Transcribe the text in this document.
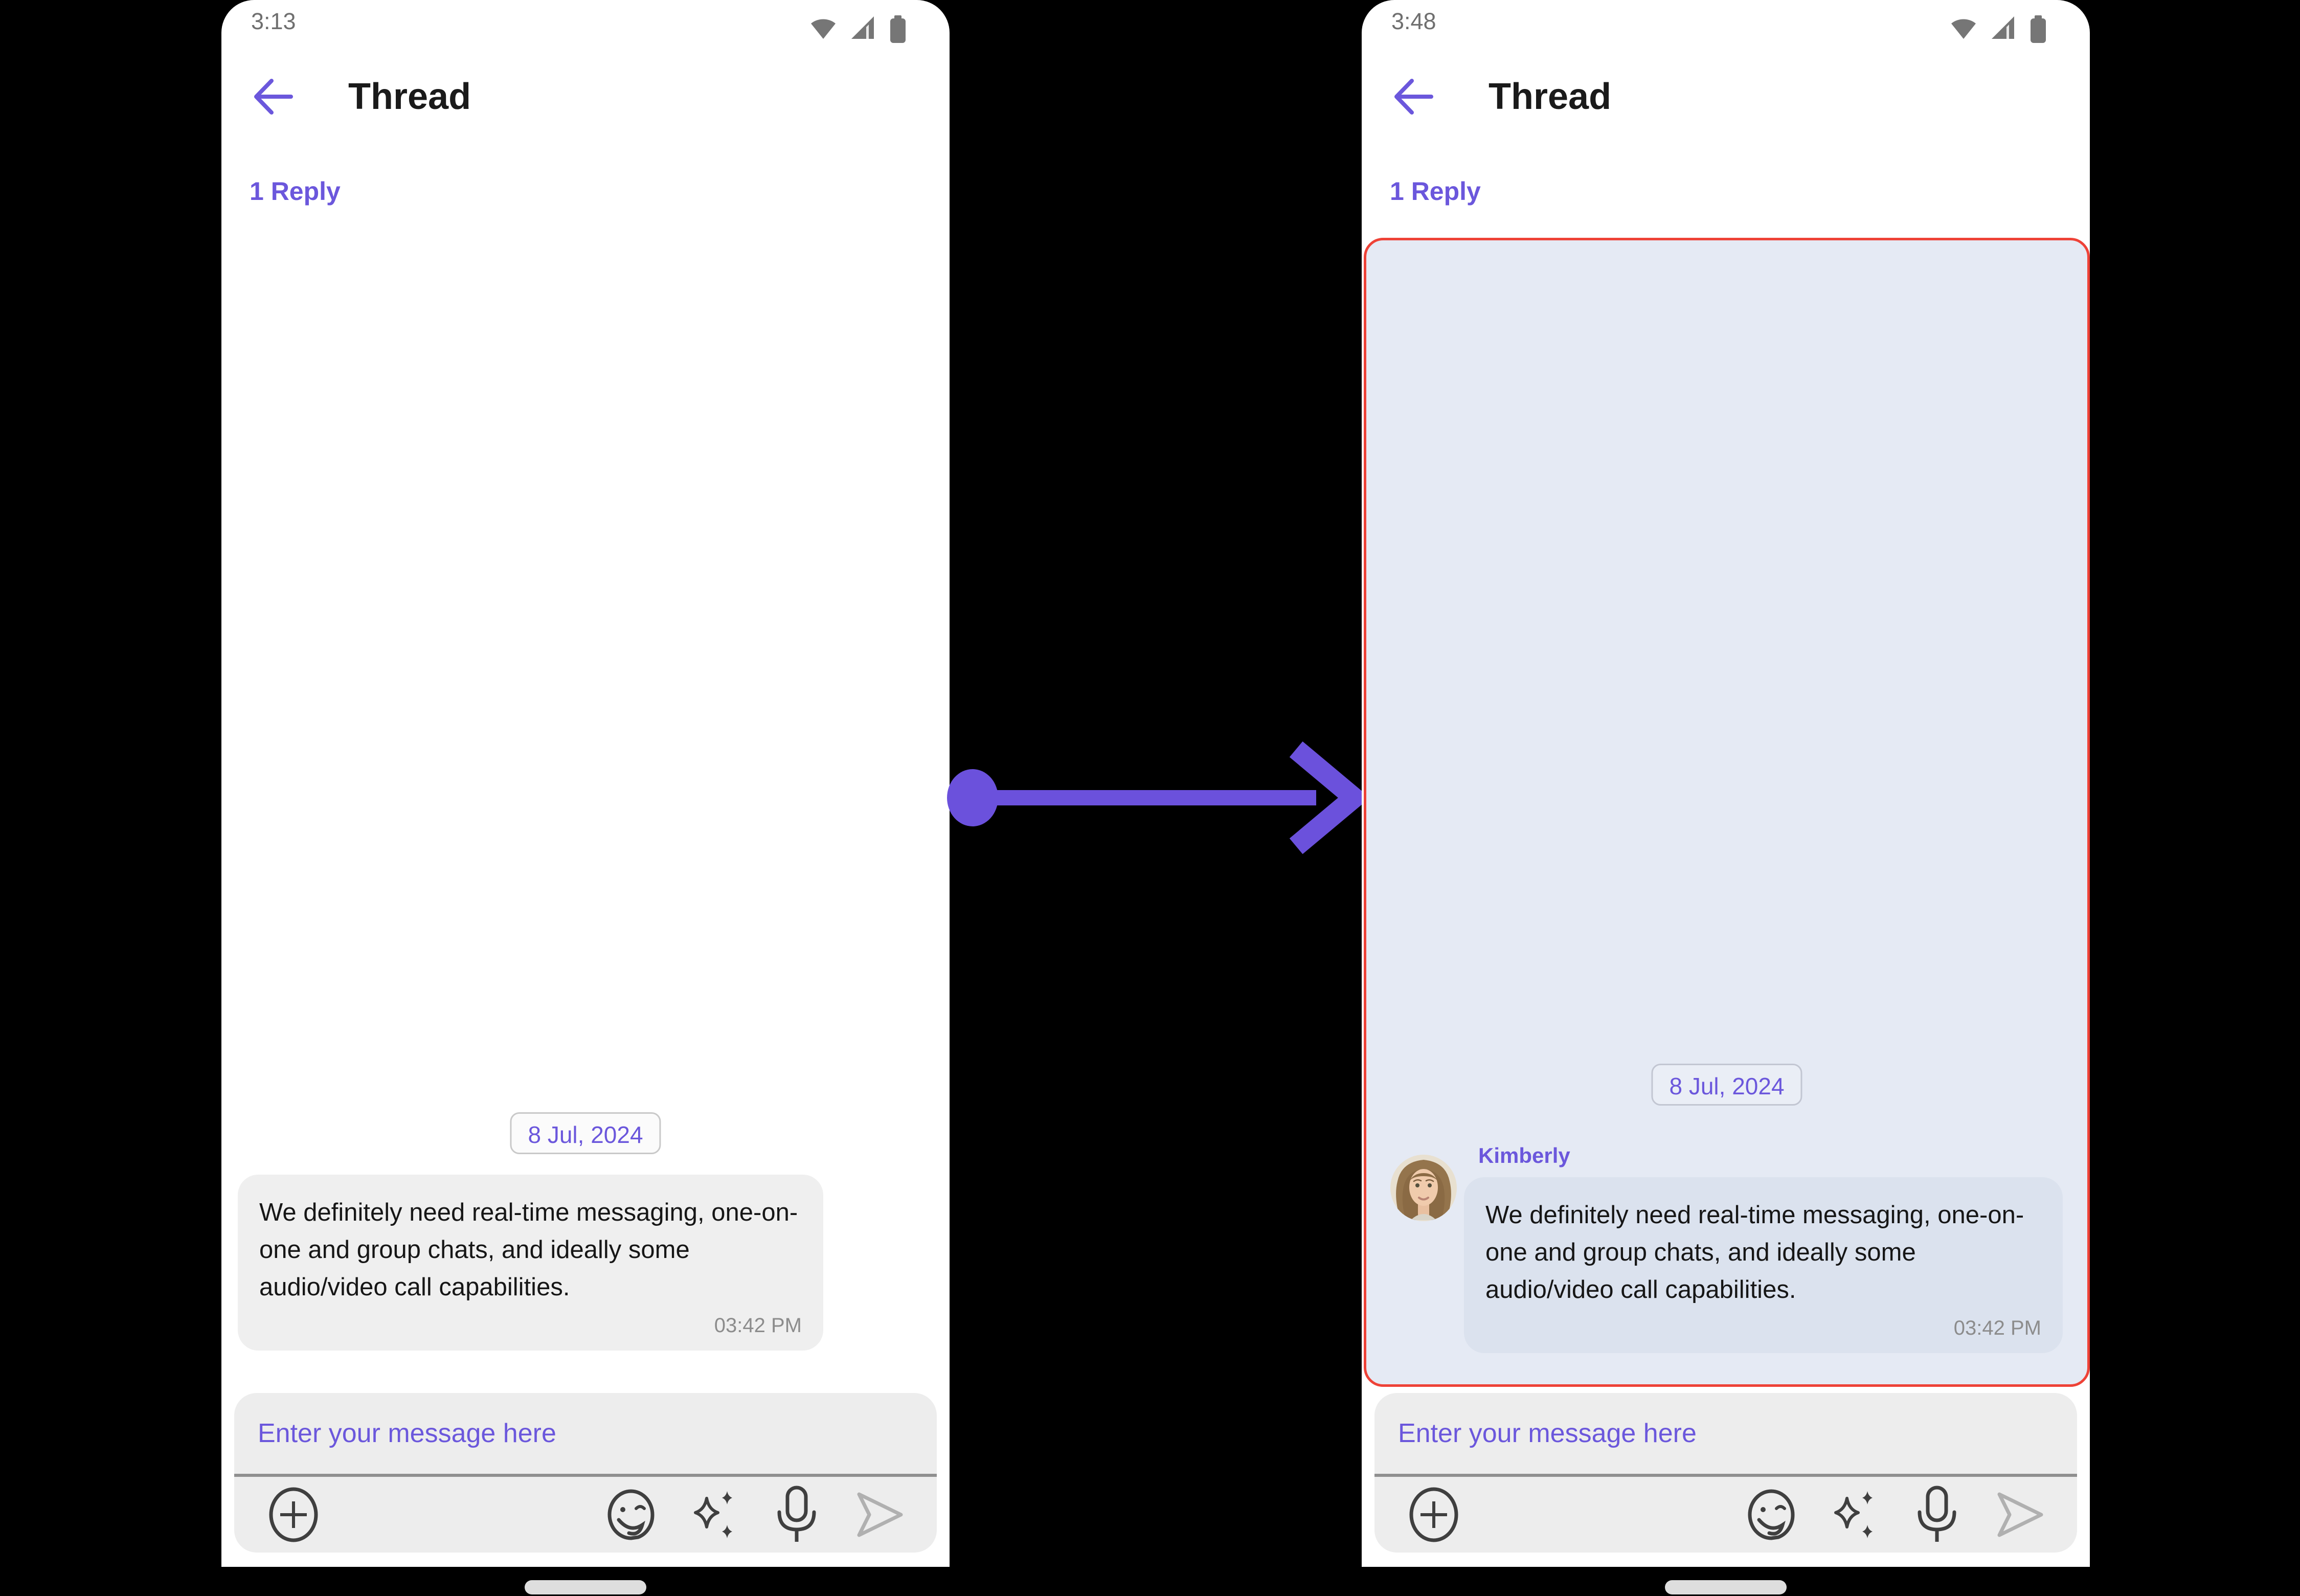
3:13
Thread
1 Reply
8 Jul, 2024
We definitely need real-time messaging, one-on-one and group chats, and ideally some audio/video call capabilities.
03:42 PM
Enter your message here
3:48
Thread
1 Reply
8 Jul, 2024
Kimberly
We definitely need real-time messaging, one-on-one and group chats, and ideally some audio/video call capabilities.
03:42 PM
Enter your message here
